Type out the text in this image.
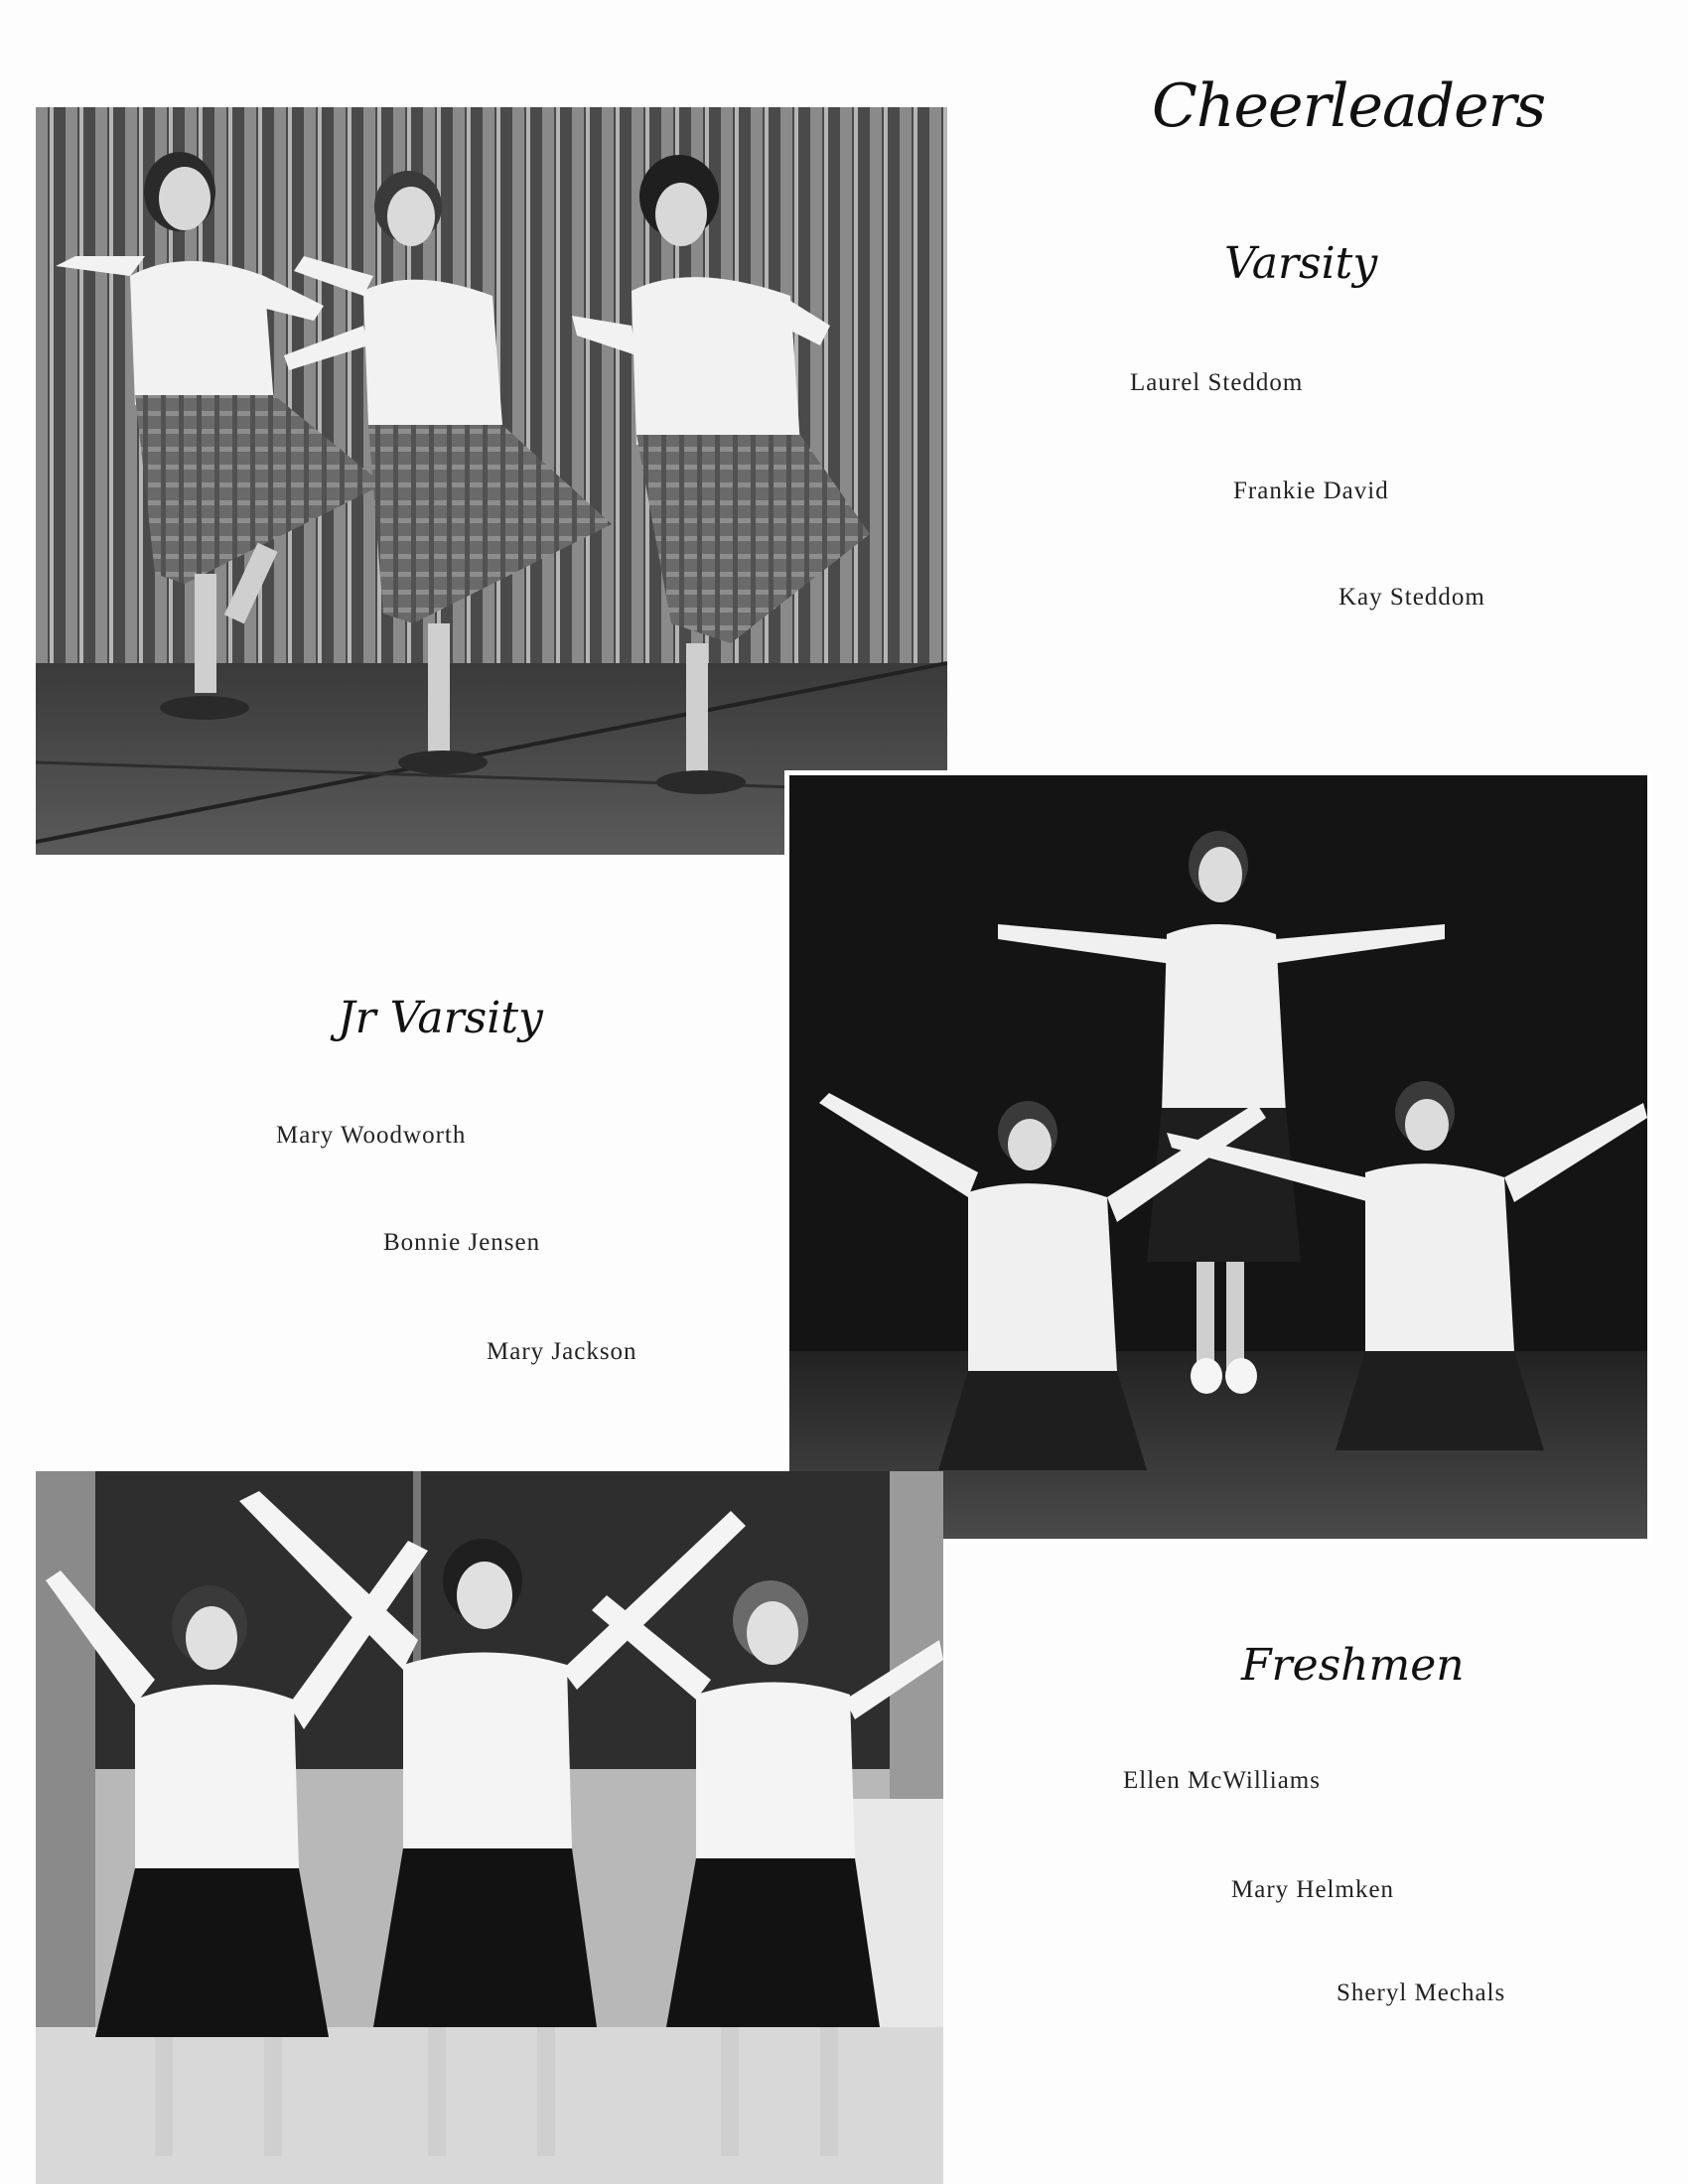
Cheerleaders
Varsity
Laurel Steddom
Frankie David
Kay Steddom
Jr Varsity
Mary Woodworth
Bonnie Jensen
Mary Jackson
Freshmen
Ellen McWilliams
Mary Helmken
Sheryl Mechals
